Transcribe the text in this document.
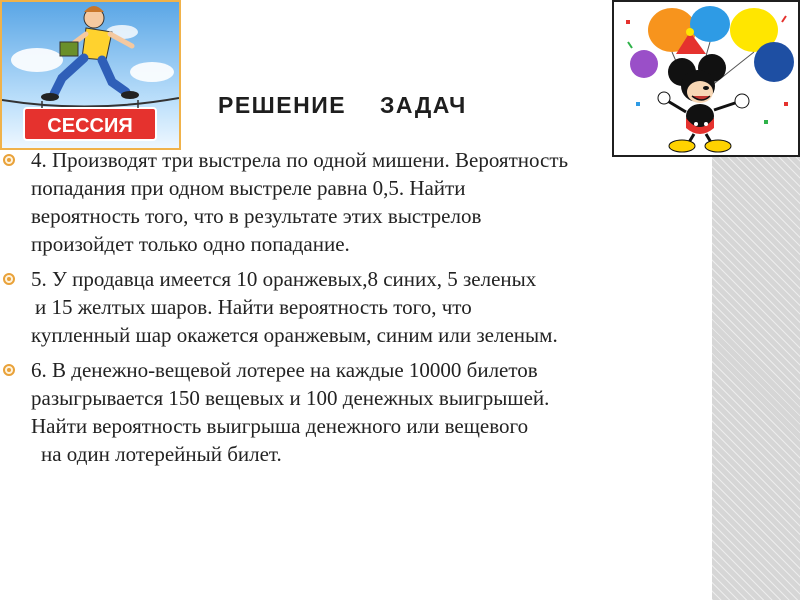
СЕССИЯ
РЕШЕНИЕ ЗАДАЧ
4. Производят три выстрела по одной мишени. Вероятность
попадания при одном выстреле равна 0,5. Найти
вероятность того, что в результате этих выстрелов
произойдет только одно попадание.
5. У продавца имеется 10 оранжевых,8 синих, 5 зеленых
и 15 желтых шаров. Найти вероятность того, что
купленный шар окажется оранжевым, синим или зеленым.
6. В денежно-вещевой лотерее на каждые 10000 билетов
разыгрывается 150 вещевых и 100 денежных выигрышей.
Найти вероятность выигрыша денежного или вещевого
на один лотерейный билет.
